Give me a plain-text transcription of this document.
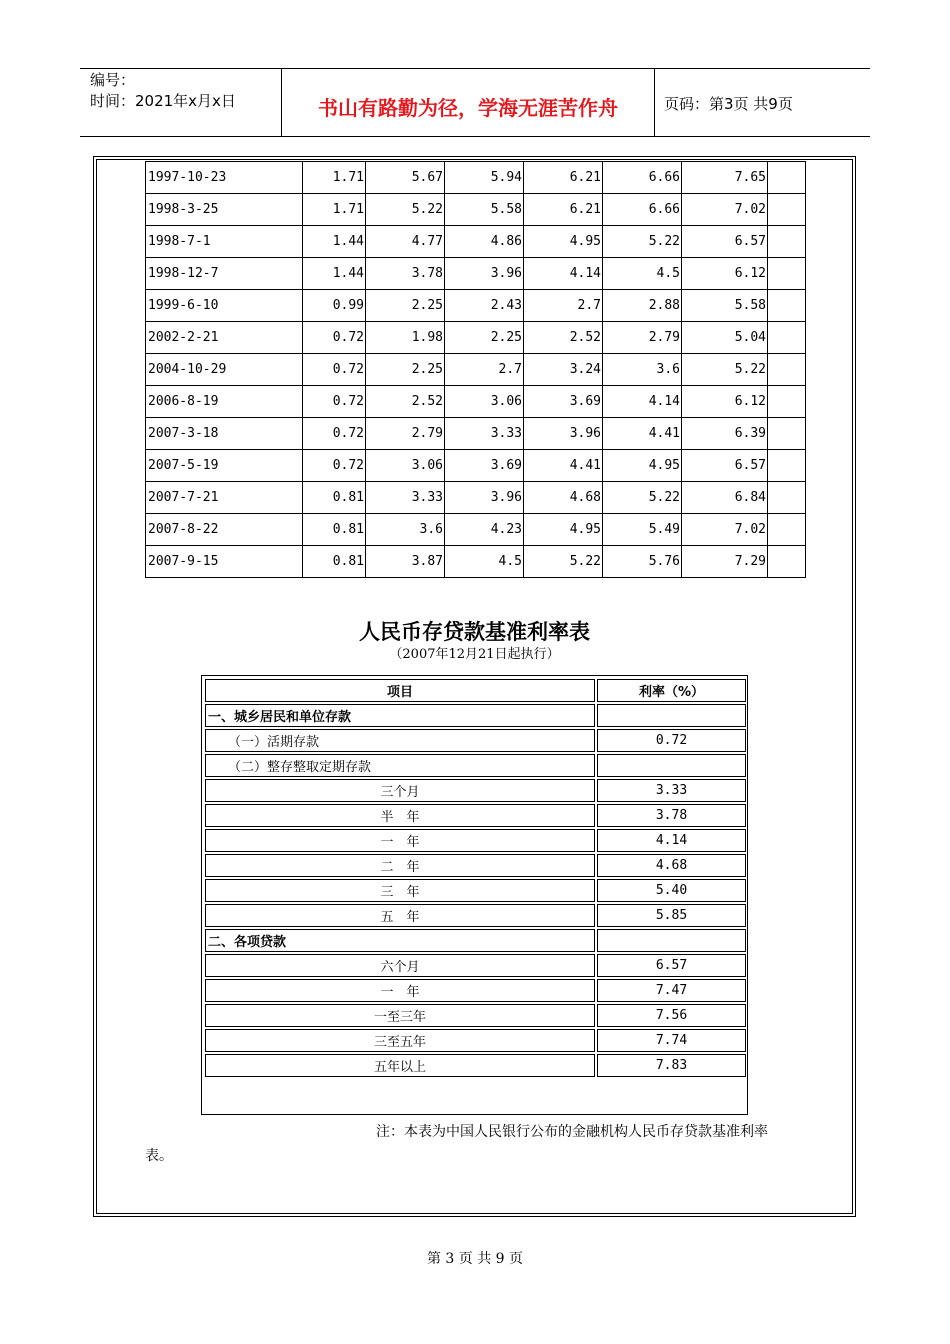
编号：
时间：2021年x月x日	书山有路勤为径，学海无涯苦作舟	页码：第3页 共9页
1997-10-23	1.71	5.67	5.94	6.21	6.66	7.65	
1998-3-25	1.71	5.22	5.58	6.21	6.66	7.02	
1998-7-1	1.44	4.77	4.86	4.95	5.22	6.57	
1998-12-7	1.44	3.78	3.96	4.14	4.5	6.12	
1999-6-10	0.99	2.25	2.43	2.7	2.88	5.58	
2002-2-21	0.72	1.98	2.25	2.52	2.79	5.04	
2004-10-29	0.72	2.25	2.7	3.24	3.6	5.22	
2006-8-19	0.72	2.52	3.06	3.69	4.14	6.12	
2007-3-18	0.72	2.79	3.33	3.96	4.41	6.39	
2007-5-19	0.72	3.06	3.69	4.41	4.95	6.57	
2007-7-21	0.81	3.33	3.96	4.68	5.22	6.84	
2007-8-22	0.81	3.6	4.23	4.95	5.49	7.02	
2007-9-15	0.81	3.87	4.5	5.22	5.76	7.29	
人民币存贷款基准利率表
（2007年12月21日起执行）
项目	利率（%）
一、城乡居民和单位存款	
（一）活期存款	0.72
（二）整存整取定期存款	
三个月	3.33
半　年	3.78
一　年	4.14
二　年	4.68
三　年	5.40
五　年	5.85
二、各项贷款	
六个月	6.57
一　年	7.47
一至三年	7.56
三至五年	7.74
五年以上	7.83
注：本表为中国人民银行公布的金融机构人民币存贷款基准利率
表。
第 3 页 共 9 页
